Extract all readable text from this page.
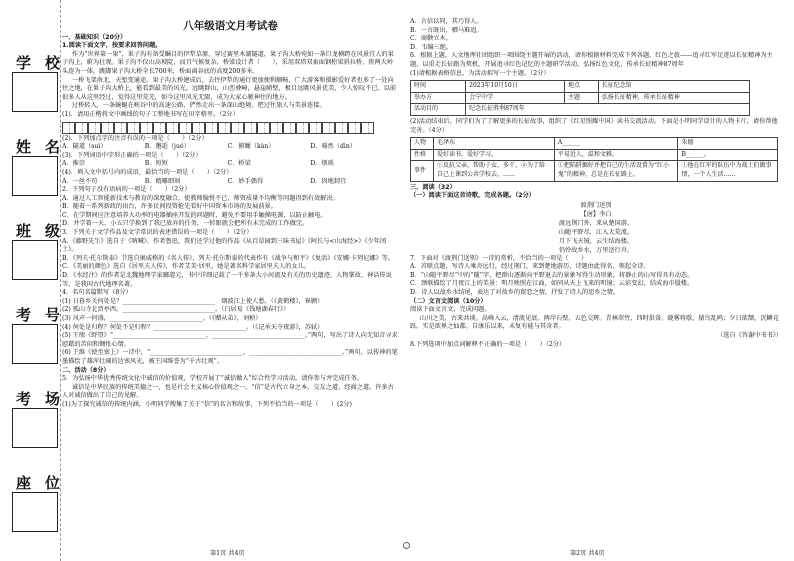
学校
姓名
班级
考号
考场
座位
八年级语文月考试卷

一、基础知识（20分）

1.阅读下面文字，按要求回答问题。

作为“世界第一果”，果子沟有备受瞩目的伊犁草原，穿过赛里木湖隧道，果子沟大桥宛如一条巨龙横跨在风景宜人的果子沟上，蔚为壮观。果子沟不仅山高坡陡，而且气候复杂，桥梁设计者（　　），采用双塔双索面钢桁梁斜拉桥，将两大岭头连为一体。跳脚果子沟大桥全长700米，桥面离谷底的高度200多米。

一桥飞架南北，天堑变通途。果子沟大桥建成后，去往伊犁的通行更加便利顺畅，广大游客和摄影爱好者也多了一处向往之地，在果子沟大桥上，能看到最美的风光，远眺群山，山峦叠嶂，悬崖峭壁，极目远眺风景优美，令人惊叹不已。以前很多人从这里经过，觉得这里荒芜，如今这里风光无限，成为大家心驰神往的地方。

过桥转入，一条蜿蜒在峡谷中的高速公路，俨然走出一条深山绝境，把过往旅人与美景连接。

(1)．请用正楷将文中画线的句子工整地书写在田字格里。（2分）

(2)．下列加点字的注音有误的一项是（　　）（2分）

A．隧道（suì）	B．邂逅（jué）	C．俯瞰（kàn）	D．蓦然（dìn）

(3)．下列词语中字形正确的一项是（　　）（2分）

A．推崇	B．短短	C．桥梁	D．烦琐

(4)．填入文中括号内的成语，最恰当的一项是（　　）（2分）

A．一丝不苟	B．精雕细刻	C．妙手偶得	D．因地制宜

2．下列句子没有语病的一项是（　　）（2分）

A．通过人工智能新技术与教育的深度融合，使教师愉悦不已，师资质量不均衡等问题得到有效解决。

B．随着一系列新政的出台，许多民间投资抢先看好中国资本市场的发展前景。

C．在学期间应注意培养大功率的电器插座开发的问题时，避免不要用手触摸电源，以防止触电。

D．并学着一天，小五只学换到了我已放弃的任务，一转眼就会把所有未完成的工作做完。

3．下列关于文学作品及文学常识的表述错误的一项是（　　）（2分）

A．《藤野先生》选自于《呐喊》，作者鲁迅，我们还学过他的作品《从百草园到三味书屋》《阿长与<山海经>》《少年闰土》。

B．《列夫·托尔斯泰》节选自奥威格的《名人传》，列夫·托尔斯泰的代表作有《战争与和平》《复活》《安娜·卡列尼娜》等。

C．《美丽的颜色》选自《居里夫人传》，作者艾芙·居里，她是著名科学家居里夫人的女儿。

D．《水经注》的作者是北魏地理学家郦道元，书中详细记载了一千多条大小河流及有关的历史遗迹、人物掌故、神话传说等，是我国古代地理名著。

4．名句名篇默写（8分）

(1) 日暮乡关何处是？______________________________　烟波江上使人愁。（《黄鹤楼》，崔颢）

(2) 孤山寺北贾亭西，______________________________。（白居易《钱塘湖春行》）

(3) 风声一何盛，______________________________。（《赠从弟》，刘桢）

(4) 何处是归程？何处不是归程？______________________________。（《记承天寺夜游》，苏轼）

(5) 王绩《野望》“______________________________，______________________________。”两句，写出了诗人向无知音寻求慰藉的苦闷和惆怅心情。

(6) 王维《使至塞上》一诗中，“______________________________，______________________________。”两句，以传神的笔墨描绘了雄浑壮阔的边塞风光，被王国维誉为“千古壮观”。

二、活动（8分）

5．为弘扬中华优秀传统文化中诚信的价值观，学校开展了“诚信做人”综合性学习活动，请你参与并完成任务。

诚信是中华民族的传统美德之一，也是社会主义核心价值观之一。“信”是古代立身之本，交友之道、经商之道。许多古人对诚信做出了自己的见解。

(1)为了探究诚信的传统内涵，小明同学搜集了关于“信”的名言和故事，下列不恰当的一项是（　　）(2分)

第1页 共4页

A．言信以同，其乃得人。

B．一言既出，驷马难追。

C．商鞅立木。

D．韦编三绝。

6．根据上题，人文地理社团组织一项围绕主题开展的活动，请你根据材料完成下列各题。红色之旅——追寻红军足迹以长征精神为主题，以重走长征路为契机，开展追寻红色记忆的主题研学活动，弘扬红色文化，传承长征精神87周年

(1)请根据表格信息，为活动拟写一个主题。（2分）

时间	2023年10月10日	地点	长征纪念馆
举办方	会宁中学	主题	弘扬长征精神，传承长征精神
活动目的	纪念长征胜利87周年		

(2)活动结束后，同学们为了了解更多的长征故事，组织了《红星照耀中国》读书交流活动。下面是小明同学设计的人物卡片，请你帮他完善。（4分）

人物	毛泽东	A______	朱德
性格	爱好读书，爱好学习。	平易近人，温和文雅。	B______。
事件	①反抗父亲，帮助子女，多干。②为了给自己上课到公共学校去，……	①把陷阱掘好并把自己的生活设置为“红小鬼”的精神，总是在长征路上。	①他在红军的队伍中为战士们做事情，一个人生活……

三、阅读（32）

（一）阅读下面这首诗歌，完成各题。（2分）

渡荆门送别

【唐】李白

渡远荆门外，来从楚国游。

山随平野尽，江入大荒流。

月下飞天镜，云生结海楼。

仍怜故乡水，万里送行舟。

7．下面对《渡荆门送别》一诗的赏析，不恰当的一项是（　　）

A．首联点题，写诗人乘舟远行，经过荆门，来到楚地游历，诗题由此得名，领起全诗。

B．“山随平野尽”中的“随”字，把群山逐渐向平野退去的景象写得生动形象，将静止的山写得具有动态。

C．颈联描绘了月夜江上的美景：明月映照在江面，如同从天上飞来的明镜；云彩变幻，结成海市蜃楼。

D．诗人以故乡水结尾，表达了对故乡的留恋之情，抒发了诗人的思乡之情。

（二）文言文阅读（10分）

阅读下面文言文，完成问题。

山川之美，古来共谈。高峰入云，清流见底。两岸石壁，五色交辉。青林翠竹，四时俱备。晓雾将歇，猿鸟乱鸣；夕日欲颓，沉鳞竞跃。实是欲界之仙都。自康乐以来，未复有能与其奇者。

（选自《答谢中书书》）

8.下列选项中加点词解释不正确的一项是（　　）（2分）

第2页 共4页
